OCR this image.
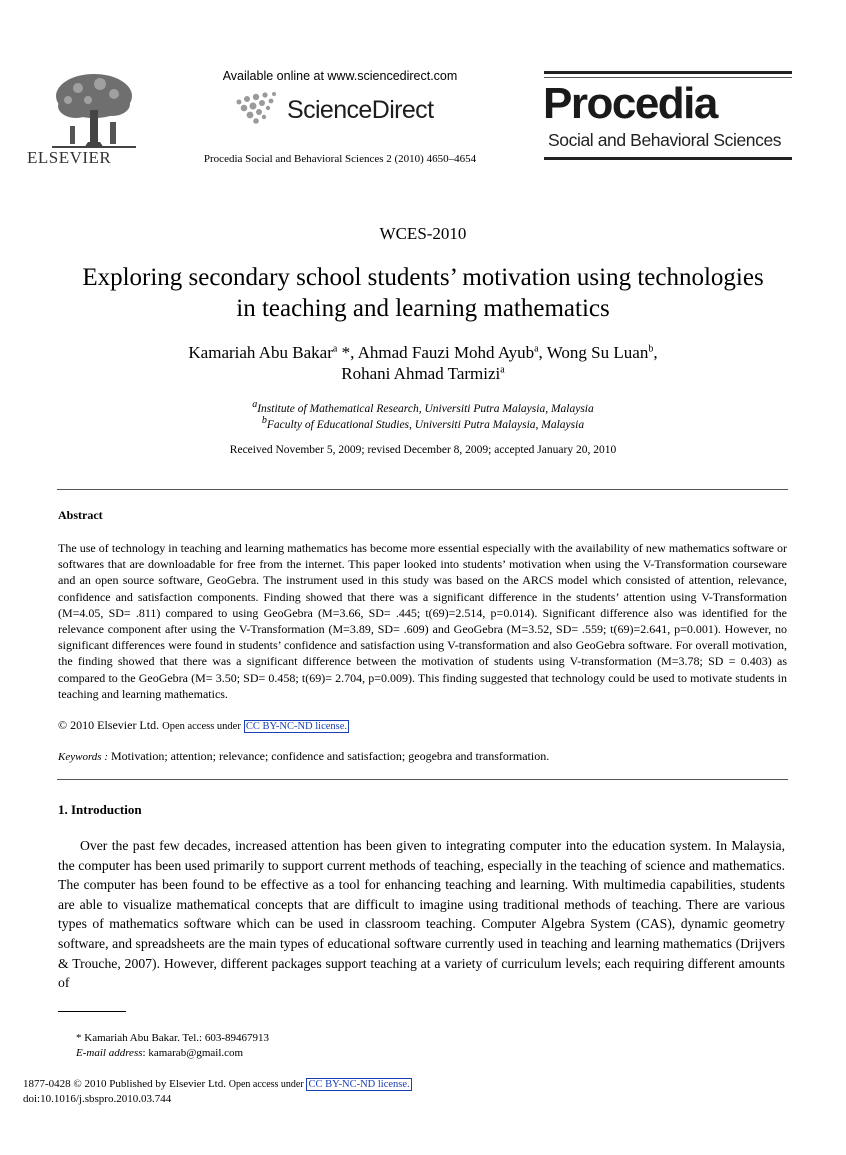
Available online at www.sciencedirect.com
ScienceDirect
Procedia Social and Behavioral Sciences 2 (2010) 4650–4654
ELSEVIER
Procedia
Social and Behavioral Sciences
WCES-2010
Exploring secondary school students’ motivation using technologies
in teaching and learning mathematics
Kamariah Abu Bakar$^a$ *, Ahmad Fauzi Mohd Ayub$^a$, Wong Su Luan$^b$,
Rohani Ahmad Tarmizi$^a$
$^a$Institute of Mathematical Research, Universiti Putra Malaysia, Malaysia
$^b$Faculty of Educational Studies, Universiti Putra Malaysia, Malaysia
Received November 5, 2009; revised December 8, 2009; accepted January 20, 2010
Abstract
The use of technology in teaching and learning mathematics has become more essential especially with the availability of new mathematics software or softwares that are downloadable for free from the internet. This paper looked into students’ motivation when using the V-Transformation courseware and an open source software, GeoGebra. The instrument used in this study was based on the ARCS model which consisted of attention, relevance, confidence and satisfaction components. Finding showed that there was a significant difference in the students’ attention using V-Transformation (M=4.05, SD= .811) compared to using GeoGebra (M=3.66, SD= .445; t(69)=2.514, p=0.014). Significant difference also was identified for the relevance component after using the V-Transformation (M=3.89, SD= .609) and GeoGebra (M=3.52, SD= .559; t(69)=2.641, p=0.001). However, no significant differences were found in students’ confidence and satisfaction using V-transformation and also GeoGebra software. For overall motivation, the finding showed that there was a significant difference between the motivation of students using V-transformation (M=3.78; SD = 0.403) as compared to the GeoGebra (M= 3.50; SD= 0.458; t(69)= 2.704, p=0.009). This finding suggested that technology could be used to motivate students in teaching and learning mathematics.
© 2010 Elsevier Ltd. Open access under CC BY-NC-ND license.
Keywords : Motivation; attention; relevance; confidence and satisfaction; geogebra and transformation.
1. Introduction
Over the past few decades, increased attention has been given to integrating computer into the education system. In Malaysia, the computer has been used primarily to support current methods of teaching, especially in the teaching of science and mathematics. The computer has been found to be effective as a tool for enhancing teaching and learning. With multimedia capabilities, students are able to visualize mathematical concepts that are difficult to imagine using traditional methods of teaching. There are various types of mathematics software which can be used in classroom teaching. Computer Algebra System (CAS), dynamic geometry software, and spreadsheets are the main types of educational software currently used in teaching and learning mathematics (Drijvers & Trouche, 2007). However, different packages support teaching at a variety of curriculum levels; each requiring different amounts of
* Kamariah Abu Bakar. Tel.: 603-89467913
E-mail address: kamarab@gmail.com
1877-0428 © 2010 Published by Elsevier Ltd. Open access under CC BY-NC-ND license.
doi:10.1016/j.sbspro.2010.03.744
